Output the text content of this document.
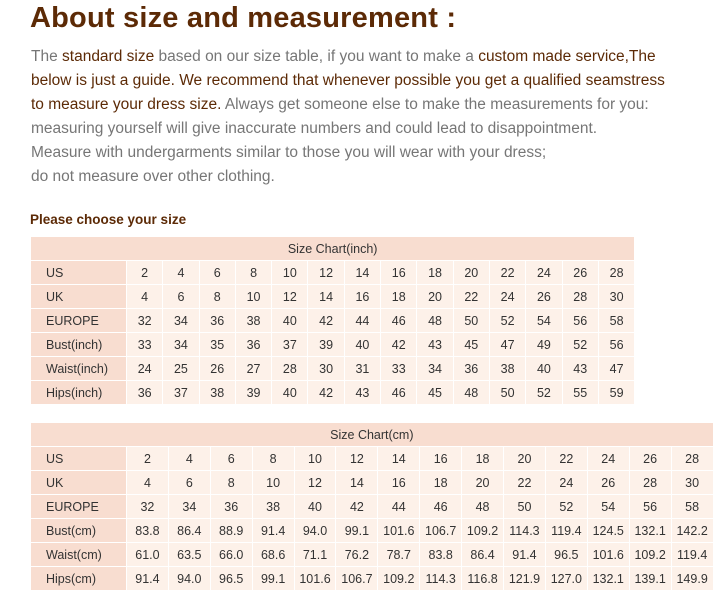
About size and measurement :

The standard size based on our size table, if you want to make a custom made service,The

below is just a guide. We recommend that whenever possible you get a qualified seamstress

to measure your dress size. Always get someone else to make the measurements for you:

measuring yourself will give inaccurate numbers and could lead to disappointment.

Measure with undergarments similar to those you will wear with your dress;

do not measure over other clothing.

Please choose your size
Size Chart(inch)														
US	2	4	6	8	10	12	14	16	18	20	22	24	26	28
UK	4	6	8	10	12	14	16	18	20	22	24	26	28	30
EUROPE	32	34	36	38	40	42	44	46	48	50	52	54	56	58
Bust(inch)	33	34	35	36	37	39	40	42	43	45	47	49	52	56
Waist(inch)	24	25	26	27	28	30	31	33	34	36	38	40	43	47
Hips(inch)	36	37	38	39	40	42	43	46	45	48	50	52	55	59
Size Chart(cm)														
US	2	4	6	8	10	12	14	16	18	20	22	24	26	28
UK	4	6	8	10	12	14	16	18	20	22	24	26	28	30
EUROPE	32	34	36	38	40	42	44	46	48	50	52	54	56	58
Bust(cm)	83.8	86.4	88.9	91.4	94.0	99.1	101.6	106.7	109.2	114.3	119.4	124.5	132.1	142.2
Waist(cm)	61.0	63.5	66.0	68.6	71.1	76.2	78.7	83.8	86.4	91.4	96.5	101.6	109.2	119.4
Hips(cm)	91.4	94.0	96.5	99.1	101.6	106.7	109.2	114.3	116.8	121.9	127.0	132.1	139.1	149.9
